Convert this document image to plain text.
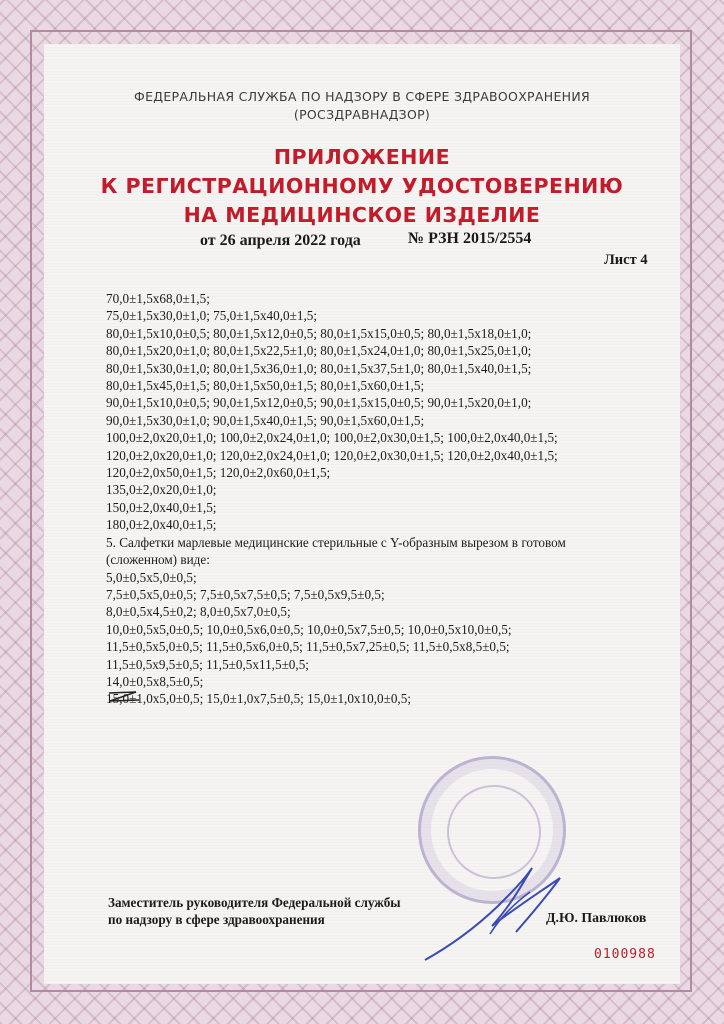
ФЕДЕРАЛЬНАЯ СЛУЖБА ПО НАДЗОРУ В СФЕРЕ ЗДРАВООХРАНЕНИЯ
(РОСЗДРАВНАДЗОР)
ПРИЛОЖЕНИЕ
К РЕГИСТРАЦИОННОМУ УДОСТОВЕРЕНИЮ
НА МЕДИЦИНСКОЕ ИЗДЕЛИЕ
от 26 апреля 2022 года	№ РЗН 2015/2554
Лист 4
70,0±1,5х68,0±1,5;
75,0±1,5х30,0±1,0; 75,0±1,5х40,0±1,5;
80,0±1,5х10,0±0,5; 80,0±1,5х12,0±0,5; 80,0±1,5х15,0±0,5; 80,0±1,5х18,0±1,0;
80,0±1,5х20,0±1,0; 80,0±1,5х22,5±1,0; 80,0±1,5х24,0±1,0; 80,0±1,5х25,0±1,0;
80,0±1,5х30,0±1,0; 80,0±1,5х36,0±1,0; 80,0±1,5х37,5±1,0; 80,0±1,5х40,0±1,5;
80,0±1,5х45,0±1,5; 80,0±1,5х50,0±1,5; 80,0±1,5х60,0±1,5;
90,0±1,5х10,0±0,5; 90,0±1,5х12,0±0,5; 90,0±1,5х15,0±0,5; 90,0±1,5х20,0±1,0;
90,0±1,5х30,0±1,0; 90,0±1,5х40,0±1,5; 90,0±1,5х60,0±1,5;
100,0±2,0х20,0±1,0; 100,0±2,0х24,0±1,0; 100,0±2,0х30,0±1,5; 100,0±2,0х40,0±1,5;
120,0±2,0х20,0±1,0; 120,0±2,0х24,0±1,0; 120,0±2,0х30,0±1,5; 120,0±2,0х40,0±1,5;
120,0±2,0х50,0±1,5; 120,0±2,0х60,0±1,5;
135,0±2,0х20,0±1,0;
150,0±2,0х40,0±1,5;
180,0±2,0х40,0±1,5;
5. Салфетки марлевые медицинские стерильные с Y-образным вырезом в готовом
(сложенном) виде:
5,0±0,5х5,0±0,5;
7,5±0,5х5,0±0,5; 7,5±0,5х7,5±0,5; 7,5±0,5х9,5±0,5;
8,0±0,5х4,5±0,2; 8,0±0,5х7,0±0,5;
10,0±0,5х5,0±0,5; 10,0±0,5х6,0±0,5; 10,0±0,5х7,5±0,5; 10,0±0,5х10,0±0,5;
11,5±0,5х5,0±0,5; 11,5±0,5х6,0±0,5; 11,5±0,5х7,25±0,5; 11,5±0,5х8,5±0,5;
11,5±0,5х9,5±0,5; 11,5±0,5х11,5±0,5;
14,0±0,5х8,5±0,5;
15,0±1,0х5,0±0,5; 15,0±1,0х7,5±0,5; 15,0±1,0х10,0±0,5;
Заместитель руководителя Федеральной службы
по надзору в сфере здравоохранения	Д.Ю. Павлюков
0100988
